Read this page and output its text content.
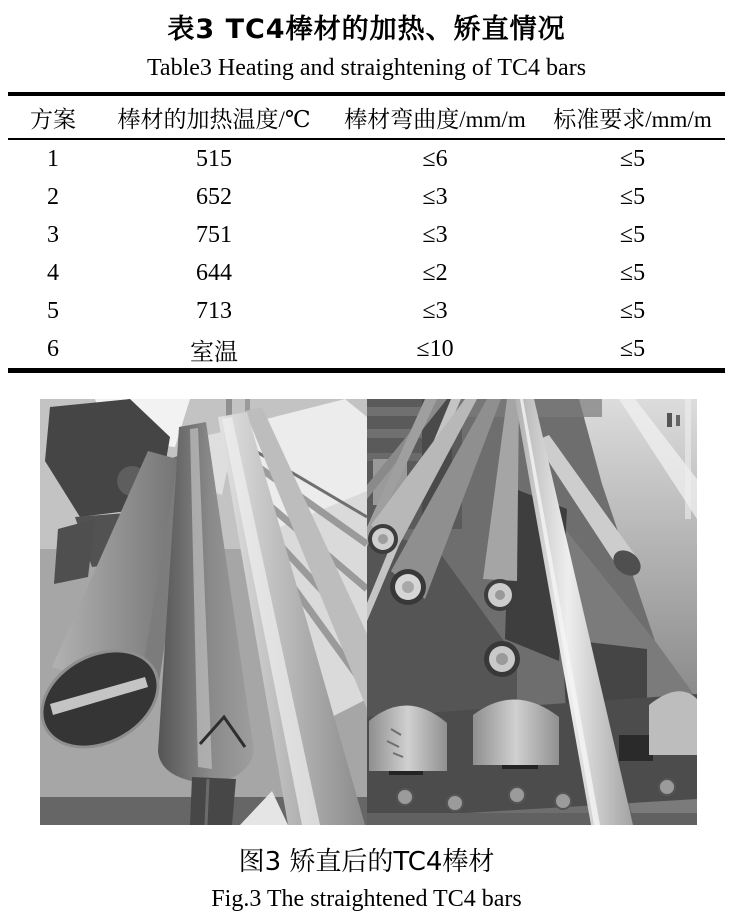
表3 TC4棒材的加热、矫直情况
Table3 Heating and straightening of TC4 bars
方案	棒材的加热温度/℃	棒材弯曲度/mm/m	标准要求/mm/m
1	515	≤6	≤5
2	652	≤3	≤5
3	751	≤3	≤5
4	644	≤2	≤5
5	713	≤3	≤5
6	室温	≤10	≤5
图3 矫直后的TC4棒材
Fig.3 The straightened TC4 bars
